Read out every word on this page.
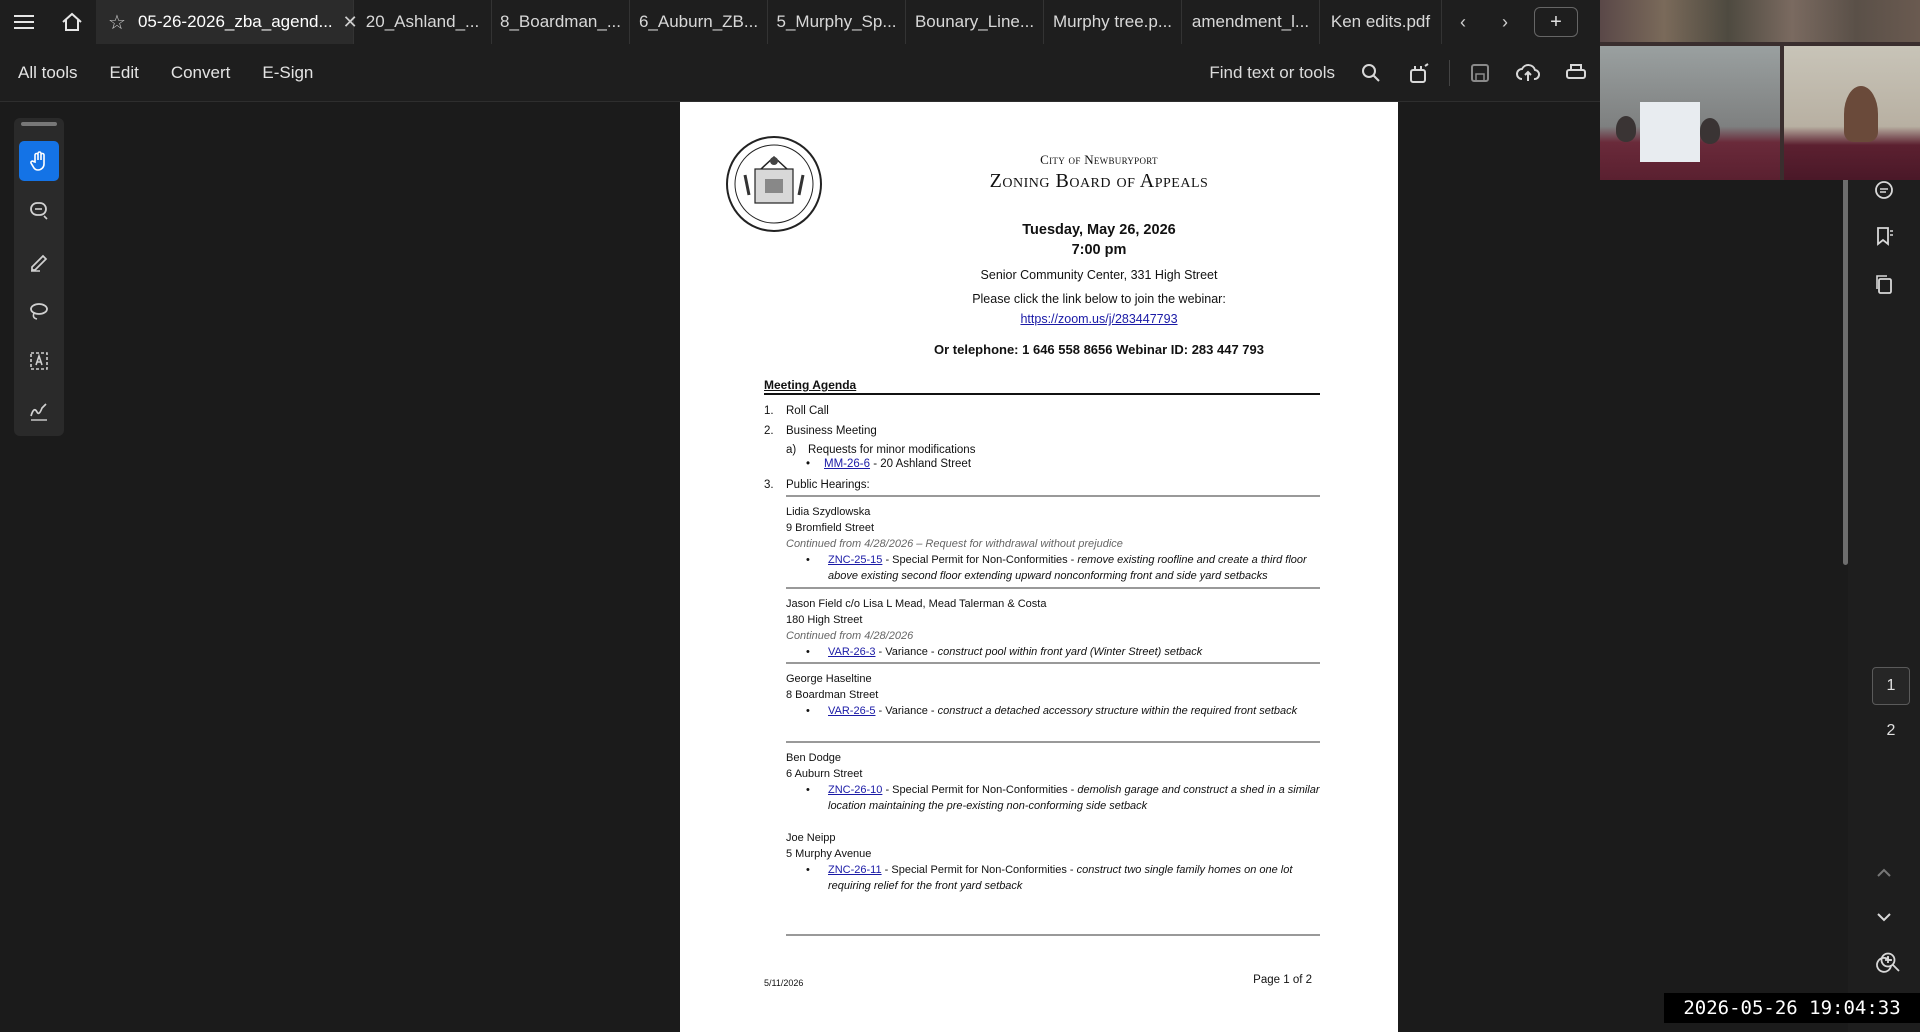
☆ 05-26-2026_zba_agend... ✕ 20_Ashland_... 8_Boardman_... 6_Auburn_ZB... 5_Murphy_Sp... Bounary_Line... Murphy tree.p... amendment_l... Ken edits.pdf	‹	›	+
All tools	Edit	Convert	E-Sign	Find text or tools
City of Newburyport
Zoning Board of Appeals
Tuesday, May 26, 2026
7:00 pm
Senior Community Center, 331 High Street
Please click the link below to join the webinar:
https://zoom.us/j/283447793
Or telephone: 1 646 558 8656 Webinar ID: 283 447 793
Meeting Agenda
1. Roll Call
2. Business Meeting
a) Requests for minor modifications
• MM-26-6 - 20 Ashland Street
3. Public Hearings:
Lidia Szydlowska
9 Bromfield Street
Continued from 4/28/2026 – Request for withdrawal without prejudice
•	ZNC-25-15 - Special Permit for Non-Conformities - remove existing roofline and create a third floor above existing second floor extending upward nonconforming front and side yard setbacks
Jason Field c/o Lisa L Mead, Mead Talerman & Costa
180 High Street
Continued from 4/28/2026
•	VAR-26-3 - Variance - construct pool within front yard (Winter Street) setback
George Haseltine
8 Boardman Street
•	VAR-26-5 - Variance - construct a detached accessory structure within the required front setback
Ben Dodge
6 Auburn Street
•	ZNC-26-10 - Special Permit for Non-Conformities - demolish garage and construct a shed in a similar location maintaining the pre-existing non-conforming side setback
Joe Neipp
5 Murphy Avenue
•	ZNC-26-11 - Special Permit for Non-Conformities - construct two single family homes on one lot requiring relief for the front yard setback
5/11/2026	Page 1 of 2
1
2
2026-05-26 19:04:33
